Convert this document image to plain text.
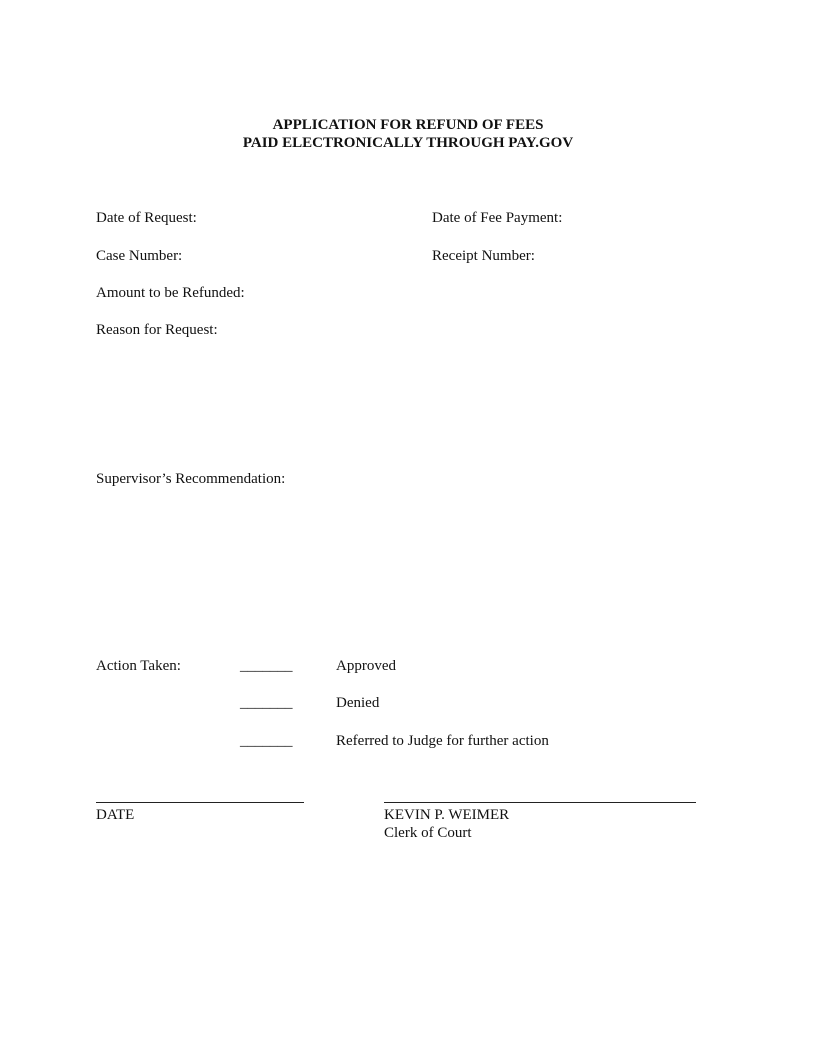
APPLICATION FOR REFUND OF FEES
PAID ELECTRONICALLY THROUGH PAY.GOV
Date of Request:	Date of Fee Payment:
Case Number:	Receipt Number:
Amount to be Refunded:
Reason for Request:
Supervisor’s Recommendation:
Action Taken:	_______	Approved
_______	Denied
_______	Referred to Judge for further action
DATE	KEVIN P. WEIMER
Clerk of Court
